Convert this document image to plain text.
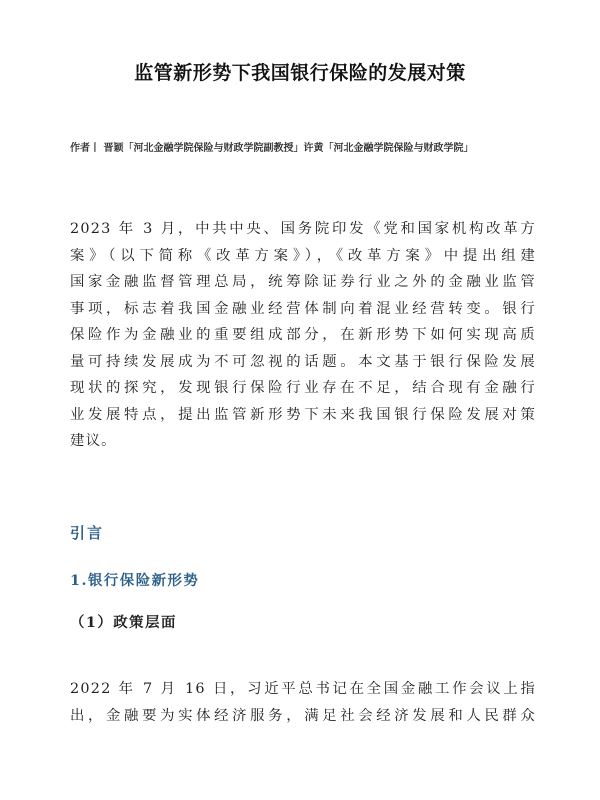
监管新形势下我国银行保险的发展对策
作者丨 晋颖「河北金融学院保险与财政学院副教授」许黄「河北金融学院保险与财政学院」
2023 年 3 月，中共中央、国务院印发《党和国家机构改革方
案》（以下简称《改革方案》），《改革方案》中提出组建
国家金融监督管理总局，统筹除证券行业之外的金融业监管
事项，标志着我国金融业经营体制向着混业经营转变。银行
保险作为金融业的重要组成部分，在新形势下如何实现高质
量可持续发展成为不可忽视的话题。本文基于银行保险发展
现状的探究，发现银行保险行业存在不足，结合现有金融行
业发展特点，提出监管新形势下未来我国银行保险发展对策
建议。
引言
1.银行保险新形势
（1）政策层面
2022 年 7 月 16 日，习近平总书记在全国金融工作会议上指
出，金融要为实体经济服务，满足社会经济发展和人民群众
